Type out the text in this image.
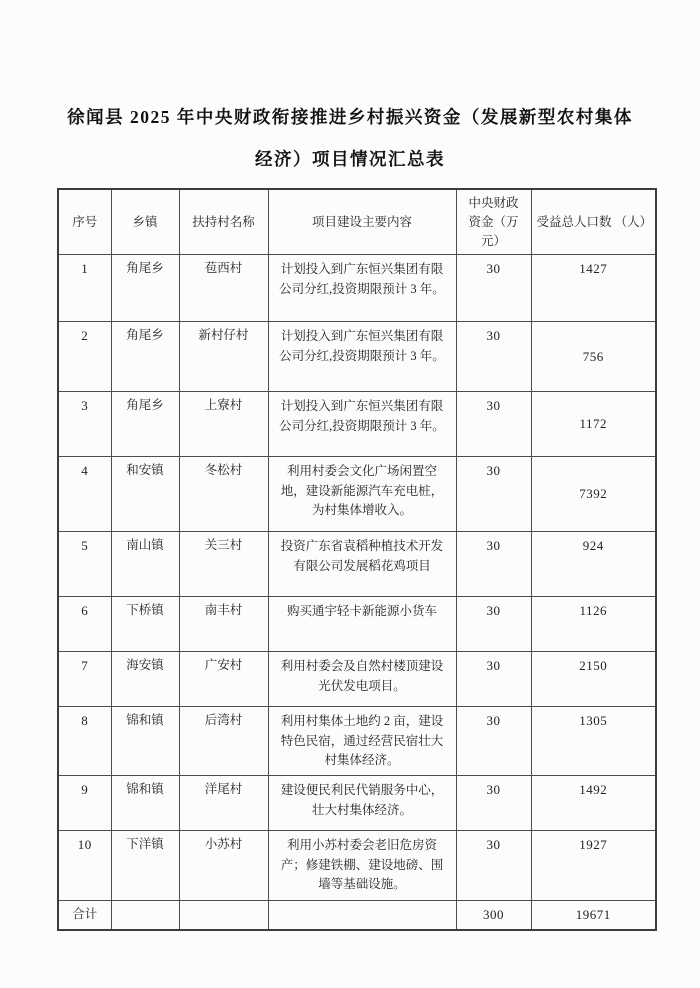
徐闻县 2025 年中央财政衔接推进乡村振兴资金（发展新型农村集体
经济）项目情况汇总表
序号	乡镇	扶持村名称	项目建设主要内容	中央财政 资金（万 元）	受益总人口数 （人）
1	角尾乡	苞西村	计划投入到广东恒兴集团有限公司分红,投资期限预计 3 年。	30	1427
2	角尾乡	新村仔村	计划投入到广东恒兴集团有限公司分红,投资期限预计 3 年。	30	756
3	角尾乡	上寮村	计划投入到广东恒兴集团有限公司分红,投资期限预计 3 年。	30	1172
4	和安镇	冬松村	利用村委会文化广场闲置空地，建设新能源汽车充电桩，为村集体增收入。	30	7392
5	南山镇	关三村	投资广东省袁稻种植技术开发有限公司发展稻花鸡项目	30	924
6	下桥镇	南丰村	购买通宇轻卡新能源小货车	30	1126
7	海安镇	广安村	利用村委会及自然村楼顶建设光伏发电项目。	30	2150
8	锦和镇	后湾村	利用村集体土地约 2 亩，建设特色民宿，通过经营民宿壮大村集体经济。	30	1305
9	锦和镇	洋尾村	建设便民利民代销服务中心，壮大村集体经济。	30	1492
10	下洋镇	小苏村	利用小苏村委会老旧危房资产；修建铁棚、建设地磅、围墙等基础设施。	30	1927
合计				300	19671
